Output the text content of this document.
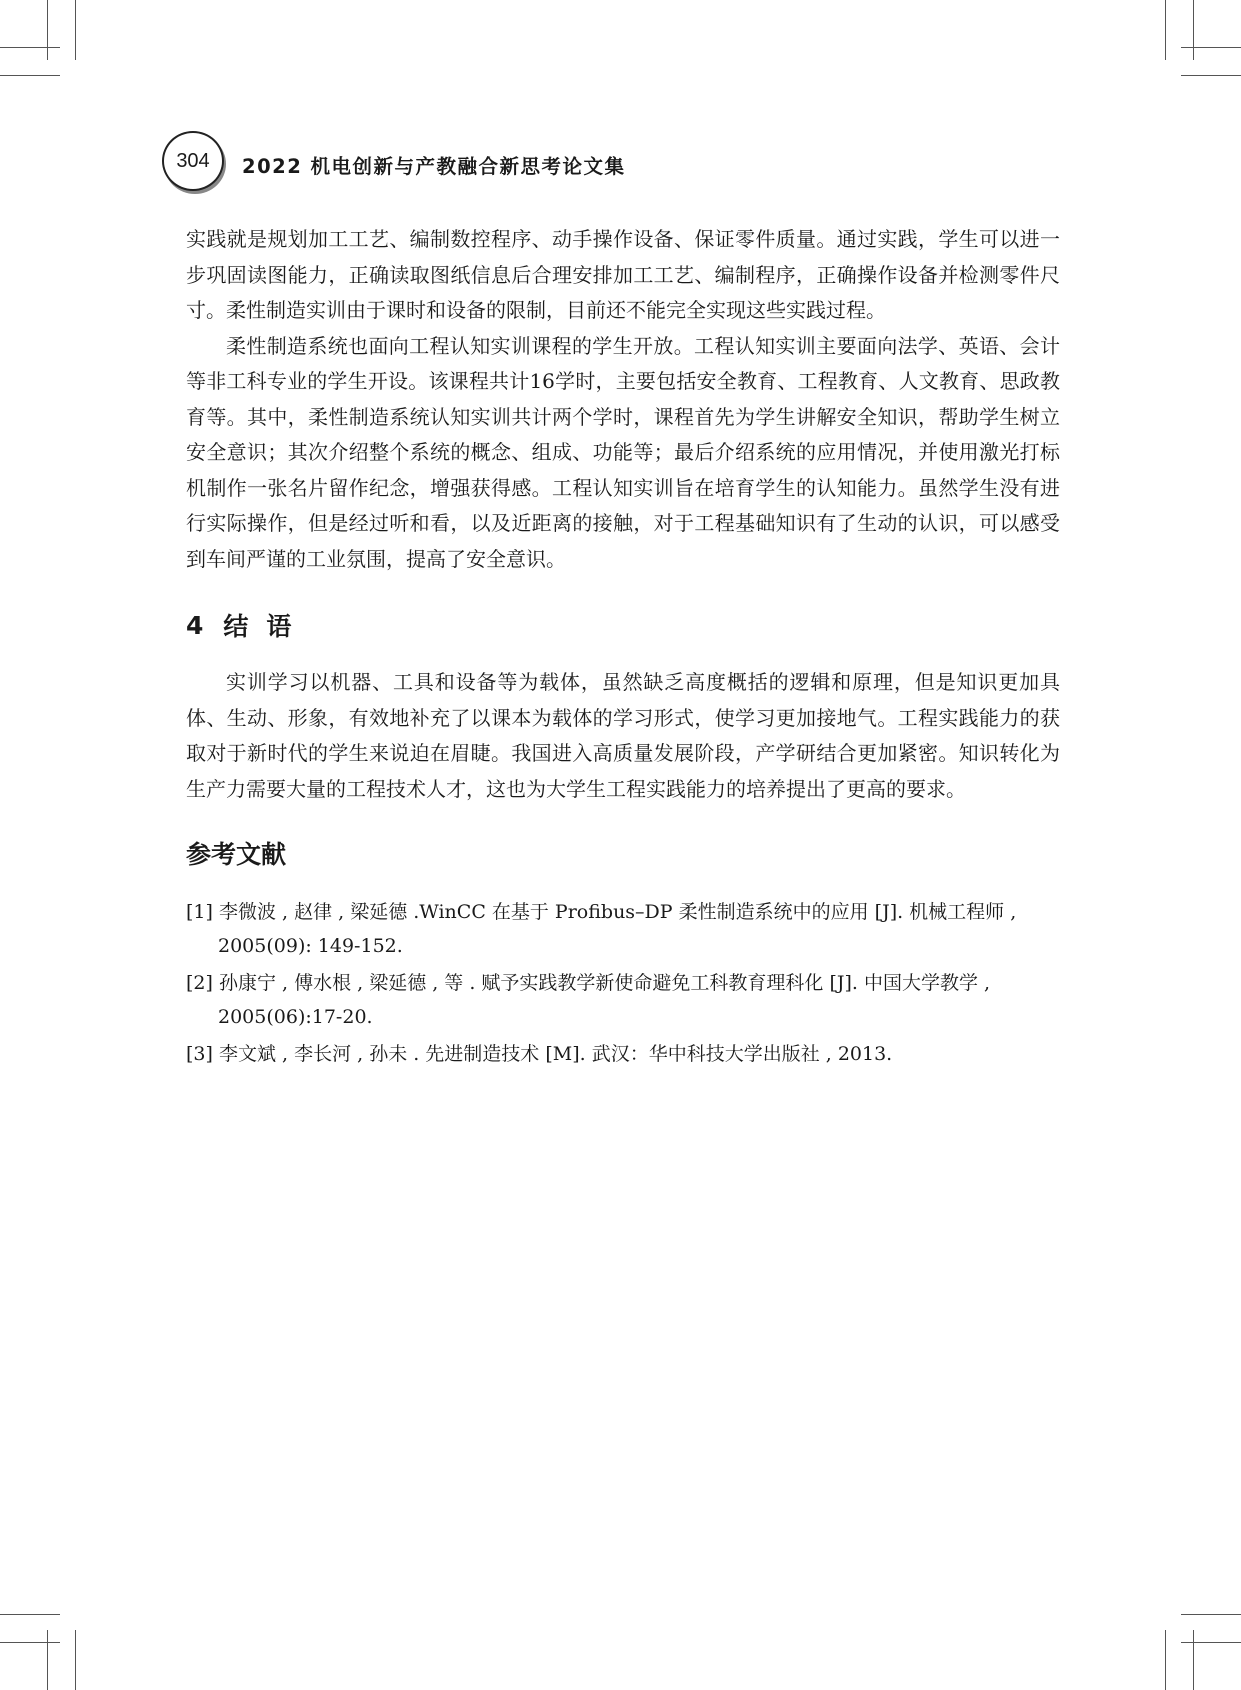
304 2022 机电创新与产教融合新思考论文集

实践就是规划加工工艺、编制数控程序、动手操作设备、保证零件质量。通过实践，学生可以进一步巩固读图能力，正确读取图纸信息后合理安排加工工艺、编制程序，正确操作设备并检测零件尺寸。柔性制造实训由于课时和设备的限制，目前还不能完全实现这些实践过程。

柔性制造系统也面向工程认知实训课程的学生开放。工程认知实训主要面向法学、英语、会计等非工科专业的学生开设。该课程共计16学时，主要包括安全教育、工程教育、人文教育、思政教育等。其中，柔性制造系统认知实训共计两个学时，课程首先为学生讲解安全知识，帮助学生树立安全意识；其次介绍整个系统的概念、组成、功能等；最后介绍系统的应用情况，并使用激光打标机制作一张名片留作纪念，增强获得感。工程认知实训旨在培育学生的认知能力。虽然学生没有进行实际操作，但是经过听和看，以及近距离的接触，对于工程基础知识有了生动的认识，可以感受到车间严谨的工业氛围，提高了安全意识。

4 结语

实训学习以机器、工具和设备等为载体，虽然缺乏高度概括的逻辑和原理，但是知识更加具体、生动、形象，有效地补充了以课本为载体的学习形式，使学习更加接地气。工程实践能力的获取对于新时代的学生来说迫在眉睫。我国进入高质量发展阶段，产学研结合更加紧密。知识转化为生产力需要大量的工程技术人才，这也为大学生工程实践能力的培养提出了更高的要求。

参考文献

[1] 李微波 , 赵律 , 梁延德 .WinCC 在基于 Profibus–DP 柔性制造系统中的应用 [J]. 机械工程师 , 2005(09): 149-152.

[2] 孙康宁 , 傅水根 , 梁延德 , 等 . 赋予实践教学新使命避免工科教育理科化 [J]. 中国大学教学 , 2005(06):17-20.

[3] 李文斌 , 李长河 , 孙未 . 先进制造技术 [M]. 武汉：华中科技大学出版社 , 2013.
